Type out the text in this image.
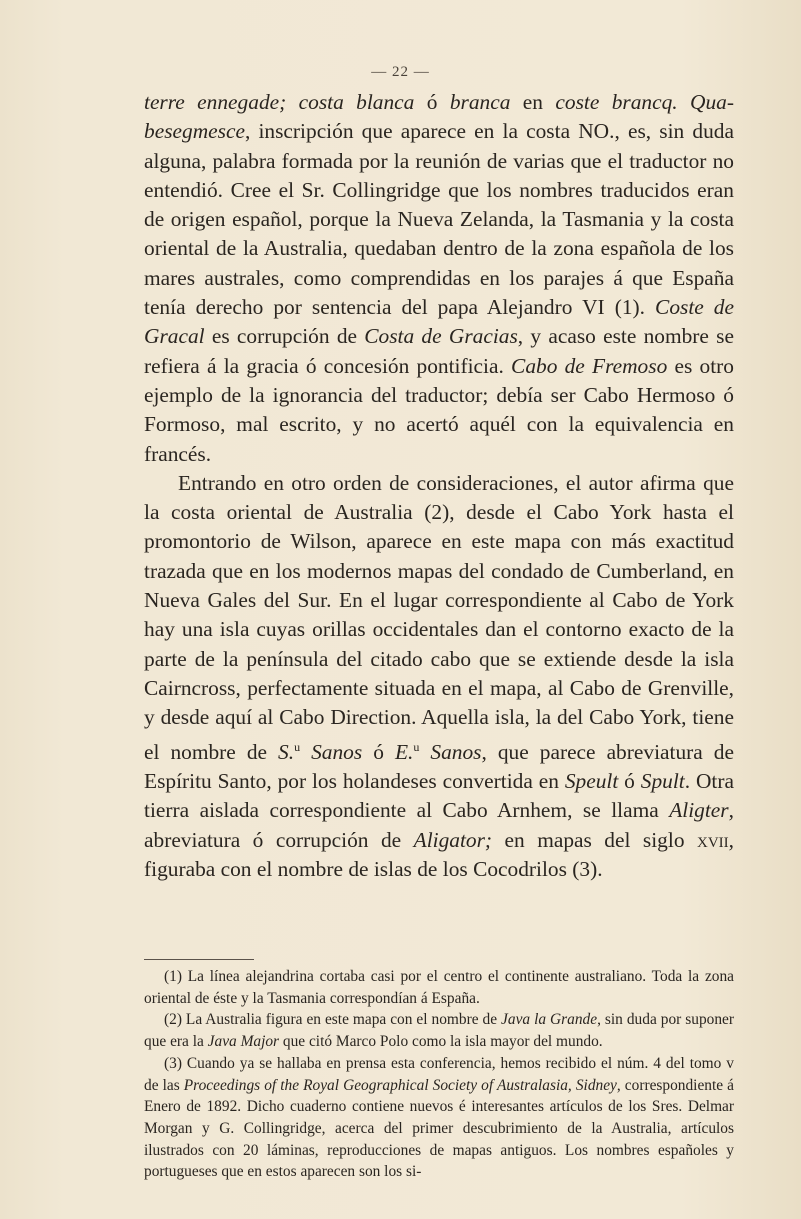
— 22 —

terre ennegade; costa blanca ó branca en coste brancq. Qua-besegmesce, inscripción que aparece en la costa NO., es, sin duda alguna, palabra formada por la reunión de varias que el traductor no entendió. Cree el Sr. Collingridge que los nombres traducidos eran de origen español, porque la Nueva Zelanda, la Tasmania y la costa oriental de la Australia, quedaban dentro de la zona española de los mares australes, como comprendidas en los parajes á que España tenía derecho por sentencia del papa Alejandro VI (1). Coste de Gracal es corrupción de Costa de Gracias, y acaso este nombre se refiera á la gracia ó concesión pontificia. Cabo de Fremoso es otro ejemplo de la ignorancia del traductor; debía ser Cabo Hermoso ó Formoso, mal escrito, y no acertó aquél con la equivalencia en francés.

Entrando en otro orden de consideraciones, el autor afirma que la costa oriental de Australia (2), desde el Cabo York hasta el promontorio de Wilson, aparece en este mapa con más exactitud trazada que en los modernos mapas del condado de Cumberland, en Nueva Gales del Sur. En el lugar correspondiente al Cabo de York hay una isla cuyas orillas occidentales dan el contorno exacto de la parte de la península del citado cabo que se extiende desde la isla Cairncross, perfectamente situada en el mapa, al Cabo de Grenville, y desde aquí al Cabo Direction. Aquella isla, la del Cabo York, tiene el nombre de S.$^u$ Sanos ó E.$^u$ Sanos, que parece abreviatura de Espíritu Santo, por los holandeses convertida en Speult ó Spult. Otra tierra aislada correspondiente al Cabo Arnhem, se llama Aligter, abreviatura ó corrupción de Aligator; en mapas del siglo xvii, figuraba con el nombre de islas de los Cocodrilos (3).

(1) La línea alejandrina cortaba casi por el centro el continente australiano. Toda la zona oriental de éste y la Tasmania correspondían á España.

(2) La Australia figura en este mapa con el nombre de Java la Grande, sin duda por suponer que era la Java Major que citó Marco Polo como la isla mayor del mundo.

(3) Cuando ya se hallaba en prensa esta conferencia, hemos recibido el núm. 4 del tomo v de las Proceedings of the Royal Geographical Society of Australasia, Sidney, correspondiente á Enero de 1892. Dicho cuaderno contiene nuevos é interesantes artículos de los Sres. Delmar Morgan y G. Collingridge, acerca del primer descubrimiento de la Australia, artículos ilustrados con 20 láminas, reproducciones de mapas antiguos. Los nombres españoles y portugueses que en estos aparecen son los si-
